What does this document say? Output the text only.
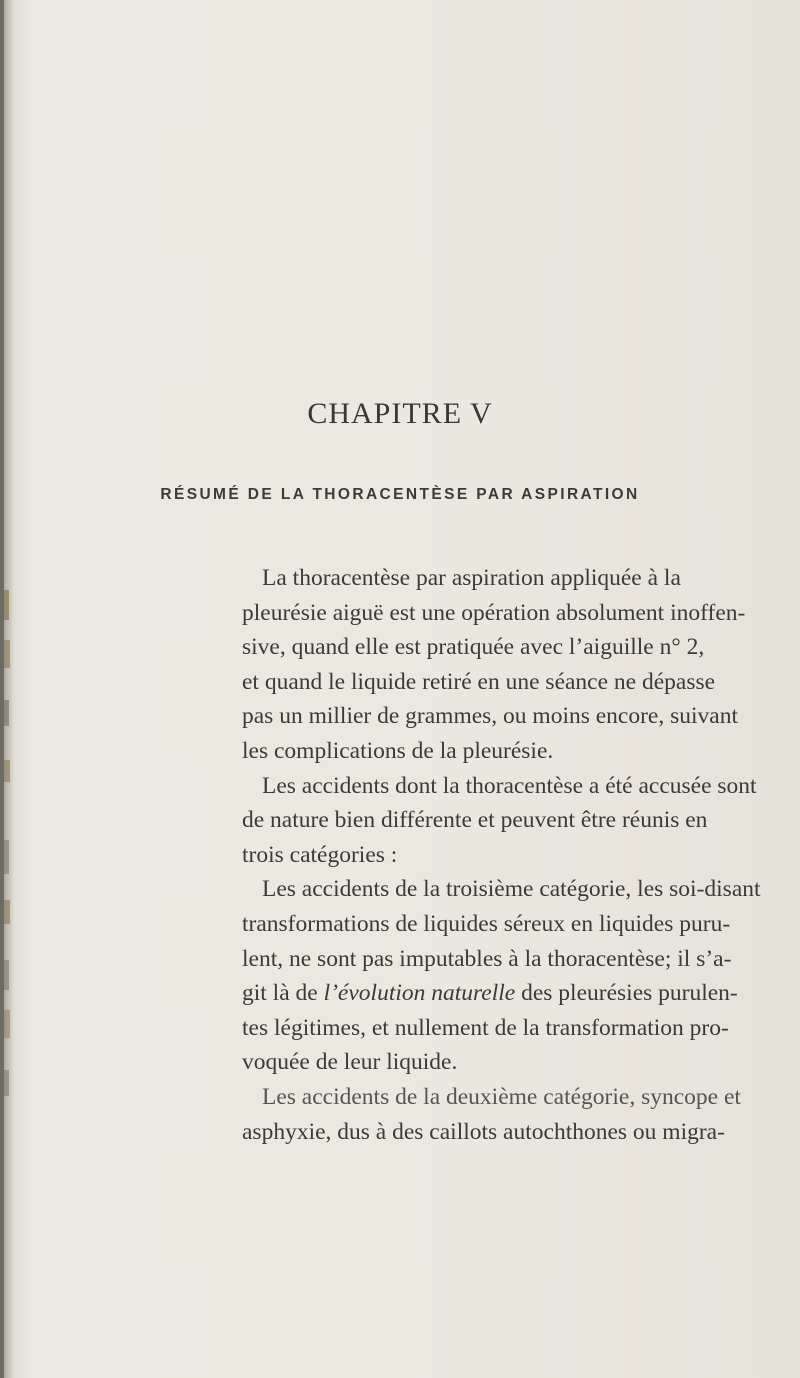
CHAPITRE V
RÉSUMÉ DE LA THORACENTÈSE PAR ASPIRATION
La thoracentèse par aspiration appliquée à la
pleurésie aiguë est une opération absolument inoffen-
sive, quand elle est pratiquée avec l’aiguille n° 2,
et quand le liquide retiré en une séance ne dépasse
pas un millier de grammes, ou moins encore, suivant
les complications de la pleurésie.
Les accidents dont la thoracentèse a été accusée sont
de nature bien différente et peuvent être réunis en
trois catégories :
Les accidents de la troisième catégorie, les soi-disant
transformations de liquides séreux en liquides puru-
lent, ne sont pas imputables à la thoracentèse; il s’a-
git là de l’évolution naturelle des pleurésies purulen-
tes légitimes, et nullement de la transformation pro-
voquée de leur liquide.
Les accidents de la deuxième catégorie, syncope et
asphyxie, dus à des caillots autochthones ou migra-
